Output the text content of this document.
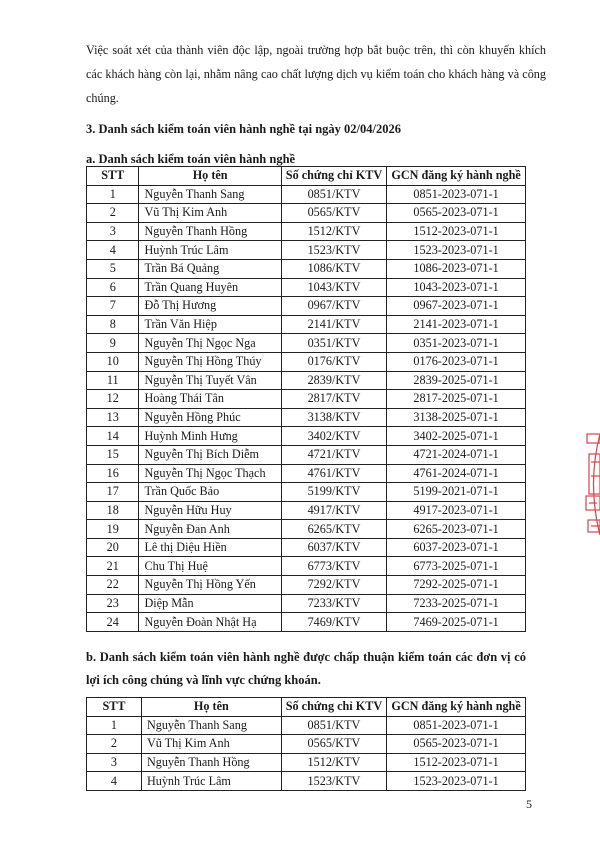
Việc soát xét của thành viên độc lập, ngoài trường hợp bắt buộc trên, thì còn khuyến khích các khách hàng còn lại, nhằm nâng cao chất lượng dịch vụ kiểm toán cho khách hàng và công chúng.
3. Danh sách kiểm toán viên hành nghề tại ngày 02/04/2026
a. Danh sách kiểm toán viên hành nghề
STT	Họ tên	Số chứng chỉ KTV	GCN đăng ký hành nghề
1	Nguyễn Thanh Sang	0851/KTV	0851-2023-071-1
2	Vũ Thị Kim Anh	0565/KTV	0565-2023-071-1
3	Nguyễn Thanh Hồng	1512/KTV	1512-2023-071-1
4	Huỳnh Trúc Lâm	1523/KTV	1523-2023-071-1
5	Trần Bá Quảng	1086/KTV	1086-2023-071-1
6	Trần Quang Huyên	1043/KTV	1043-2023-071-1
7	Đỗ Thị Hương	0967/KTV	0967-2023-071-1
8	Trần Văn Hiệp	2141/KTV	2141-2023-071-1
9	Nguyễn Thị Ngọc Nga	0351/KTV	0351-2023-071-1
10	Nguyễn Thị Hồng Thúy	0176/KTV	0176-2023-071-1
11	Nguyễn Thị Tuyết Vân	2839/KTV	2839-2025-071-1
12	Hoàng Thái Tân	2817/KTV	2817-2025-071-1
13	Nguyễn Hồng Phúc	3138/KTV	3138-2025-071-1
14	Huỳnh Minh Hưng	3402/KTV	3402-2025-071-1
15	Nguyễn Thị Bích Diễm	4721/KTV	4721-2024-071-1
16	Nguyễn Thị Ngọc Thạch	4761/KTV	4761-2024-071-1
17	Trần Quốc Bảo	5199/KTV	5199-2021-071-1
18	Nguyễn Hữu Huy	4917/KTV	4917-2023-071-1
19	Nguyễn Đan Anh	6265/KTV	6265-2023-071-1
20	Lê thị Diệu Hiền	6037/KTV	6037-2023-071-1
21	Chu Thị Huệ	6773/KTV	6773-2025-071-1
22	Nguyễn Thị Hồng Yến	7292/KTV	7292-2025-071-1
23	Diệp Mẫn	7233/KTV	7233-2025-071-1
24	Nguyễn Đoàn Nhật Hạ	7469/KTV	7469-2025-071-1
b. Danh sách kiểm toán viên hành nghề được chấp thuận kiểm toán các đơn vị có lợi ích công chúng và lĩnh vực chứng khoán.
STT	Họ tên	Số chứng chỉ KTV	GCN đăng ký hành nghề
1	Nguyễn Thanh Sang	0851/KTV	0851-2023-071-1
2	Vũ Thị Kim Anh	0565/KTV	0565-2023-071-1
3	Nguyễn Thanh Hồng	1512/KTV	1512-2023-071-1
4	Huỳnh Trúc Lâm	1523/KTV	1523-2023-071-1
5
